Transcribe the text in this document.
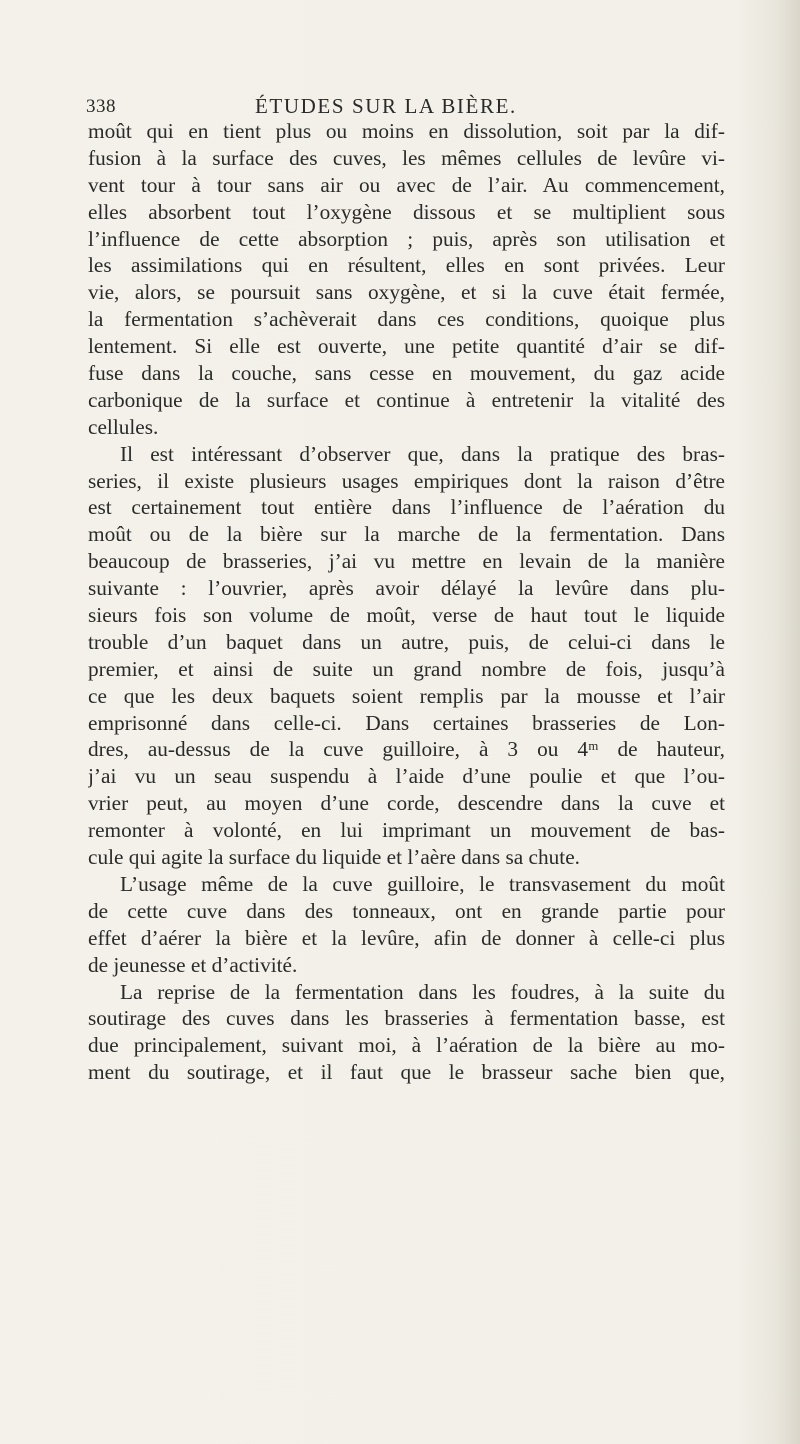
338	ÉTUDES SUR LA BIÈRE.
moût qui en tient plus ou moins en dissolution, soit par la dif-
fusion à la surface des cuves, les mêmes cellules de levûre vi-
vent tour à tour sans air ou avec de l’air. Au commencement,
elles absorbent tout l’oxygène dissous et se multiplient sous
l’influence de cette absorption ; puis, après son utilisation et
les assimilations qui en résultent, elles en sont privées. Leur
vie, alors, se poursuit sans oxygène, et si la cuve était fermée,
la fermentation s’achèverait dans ces conditions, quoique plus
lentement. Si elle est ouverte, une petite quantité d’air se dif-
fuse dans la couche, sans cesse en mouvement, du gaz acide
carbonique de la surface et continue à entretenir la vitalité des
cellules.
Il est intéressant d’observer que, dans la pratique des bras-
series, il existe plusieurs usages empiriques dont la raison d’être
est certainement tout entière dans l’influence de l’aération du
moût ou de la bière sur la marche de la fermentation. Dans
beaucoup de brasseries, j’ai vu mettre en levain de la manière
suivante : l’ouvrier, après avoir délayé la levûre dans plu-
sieurs fois son volume de moût, verse de haut tout le liquide
trouble d’un baquet dans un autre, puis, de celui-ci dans le
premier, et ainsi de suite un grand nombre de fois, jusqu’à
ce que les deux baquets soient remplis par la mousse et l’air
emprisonné dans celle-ci. Dans certaines brasseries de Lon-
dres, au-dessus de la cuve guilloire, à 3 ou 4ᵐ de hauteur,
j’ai vu un seau suspendu à l’aide d’une poulie et que l’ou-
vrier peut, au moyen d’une corde, descendre dans la cuve et
remonter à volonté, en lui imprimant un mouvement de bas-
cule qui agite la surface du liquide et l’aère dans sa chute.
L’usage même de la cuve guilloire, le transvasement du moût
de cette cuve dans des tonneaux, ont en grande partie pour
effet d’aérer la bière et la levûre, afin de donner à celle-ci plus
de jeunesse et d’activité.
La reprise de la fermentation dans les foudres, à la suite du
soutirage des cuves dans les brasseries à fermentation basse, est
due principalement, suivant moi, à l’aération de la bière au mo-
ment du soutirage, et il faut que le brasseur sache bien que,
